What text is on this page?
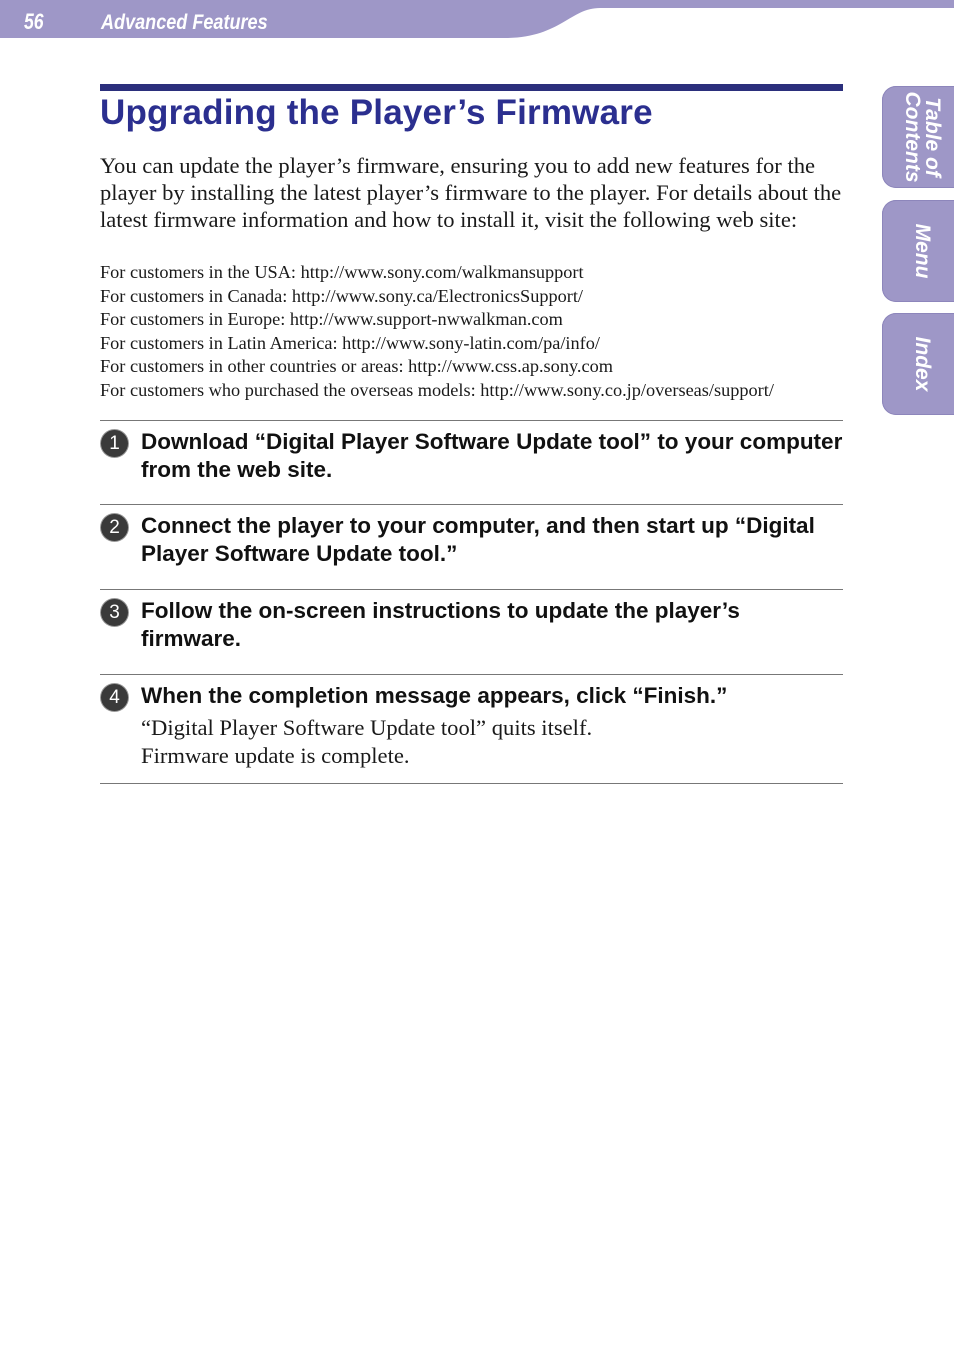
56	Advanced Features
Table of
Contents
Menu
Index
Upgrading the Player’s Firmware

You can update the player’s firmware, ensuring you to add new features for the player by installing the latest player’s firmware to the player. For details about the latest firmware information and how to install it, visit the following web site:

For customers in the USA: http://www.sony.com/walkmansupport
For customers in Canada: http://www.sony.ca/ElectronicsSupport/
For customers in Europe: http://www.support-nwwalkman.com
For customers in Latin America: http://www.sony-latin.com/pa/info/
For customers in other countries or areas: http://www.css.ap.sony.com
For customers who purchased the overseas models: http://www.sony.co.jp/overseas/support/
1 Download “Digital Player Software Update tool” to your computer from the web site.

2 Connect the player to your computer, and then start up “Digital Player Software Update tool.”

3 Follow the on-screen instructions to update the player’s firmware.

4 When the completion message appears, click “Finish.”

“Digital Player Software Update tool” quits itself.
Firmware update is complete.
